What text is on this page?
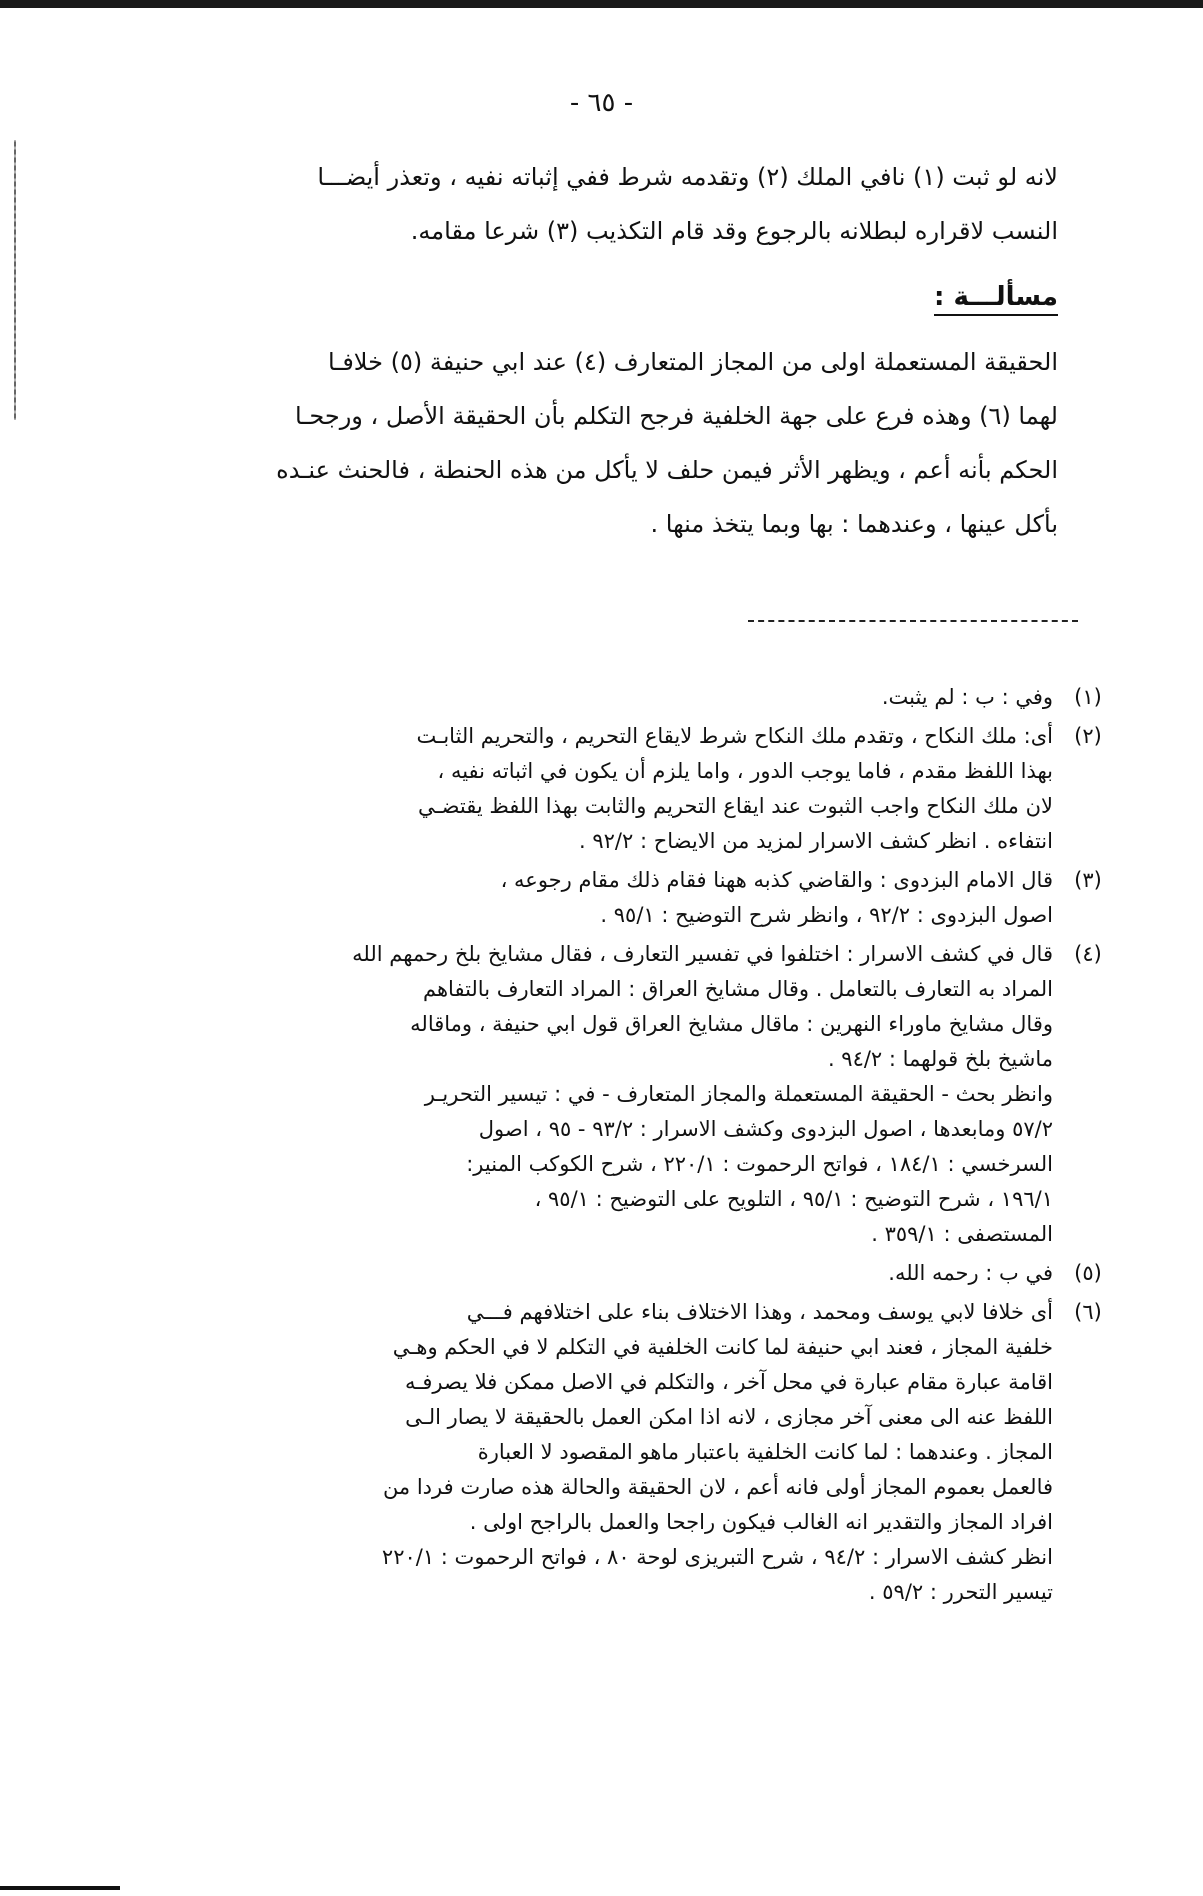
- ٦٥ -

لانه لو ثبت (١) نافي الملك (٢) وتقدمه شرط ففي إثباته نفيه ، وتعذر أيضـــا

النسب لاقراره لبطلانه بالرجوع وقد قام التكذيب (٣) شرعا مقامه.

مسألـــة :

الحقيقة المستعملة اولى من المجاز المتعارف (٤) عند ابي حنيفة (٥) خلافـا

لهما (٦) وهذه فرع على جهة الخلفية فرجح التكلم بأن الحقيقة الأصل ، ورجحـا

الحكم بأنه أعم ، ويظهر الأثر فيمن حلف لا يأكل من هذه الحنطة ، فالحنث عنـده

بأكل عينها ، وعندهما : بها وبما يتخذ منها .

(١)

وفي : ب : لم يثبت.

(٢)

أى: ملك النكاح ، وتقدم ملك النكاح شرط لايقاع التحريم ، والتحريم الثابـت

بهذا اللفظ مقدم ، فاما يوجب الدور ، واما يلزم أن يكون في اثباته نفيه ،

لان ملك النكاح واجب الثبوت عند ايقاع التحريم والثابت بهذا اللفظ يقتضـي

انتفاءه . انظر كشف الاسرار لمزيد من الايضاح : ٩٢/٢ .

(٣)

قال الامام البزدوى : والقاضي كذبه ههنا فقام ذلك مقام رجوعه ،

اصول البزدوى : ٩٢/٢ ، وانظر شرح التوضيح : ٩٥/١ .

(٤)

قال في كشف الاسرار : اختلفوا في تفسير التعارف ، فقال مشايخ بلخ رحمهم الله

المراد به التعارف بالتعامل . وقال مشايخ العراق : المراد التعارف بالتفاهم

وقال مشايخ ماوراء النهرين : ماقال مشايخ العراق قول ابي حنيفة ، وماقاله

ماشيخ بلخ قولهما : ٩٤/٢ .

وانظر بحث - الحقيقة المستعملة والمجاز المتعارف - في : تيسير التحريـر

٥٧/٢ ومابعدها ، اصول البزدوى وكشف الاسرار : ٩٣/٢ - ٩٥ ، اصول

السرخسي : ١٨٤/١ ، فواتح الرحموت : ٢٢٠/١ ، شرح الكوكب المنير:

١٩٦/١ ، شرح التوضيح : ٩٥/١ ، التلويح على التوضيح : ٩٥/١ ،

المستصفى : ٣٥٩/١ .

(٥)

في ب : رحمه الله.

(٦)

أى خلافا لابي يوسف ومحمد ، وهذا الاختلاف بناء على اختلافهم فـــي

خلفية المجاز ، فعند ابي حنيفة لما كانت الخلفية في التكلم لا في الحكم وهـي

اقامة عبارة مقام عبارة في محل آخر ، والتكلم في الاصل ممكن فلا يصرفـه

اللفظ عنه الى معنى آخر مجازى ، لانه اذا امكن العمل بالحقيقة لا يصار الـى

المجاز . وعندهما : لما كانت الخلفية باعتبار ماهو المقصود لا العبارة

فالعمل بعموم المجاز أولى فانه أعم ، لان الحقيقة والحالة هذه صارت فردا من

افراد المجاز والتقدير انه الغالب فيكون راجحا والعمل بالراجح اولى .

انظر كشف الاسرار : ٩٤/٢ ، شرح التبريزى لوحة ٨٠ ، فواتح الرحموت : ٢٢٠/١

تيسير التحرر : ٥٩/٢ .
